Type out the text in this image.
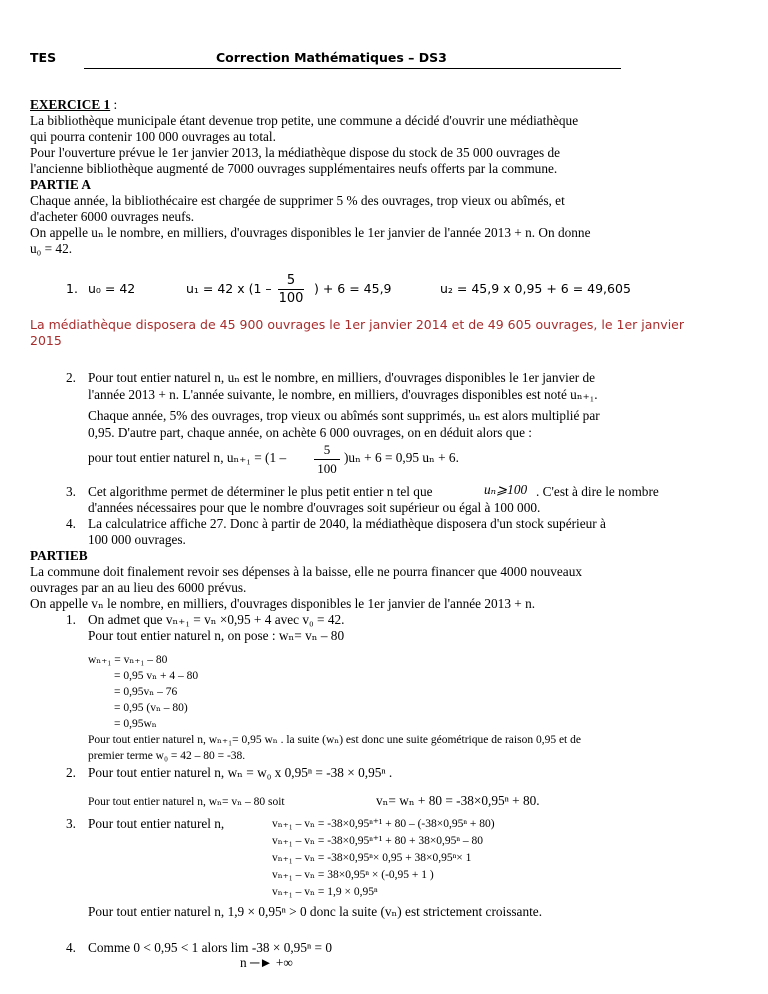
TES	Correction Mathématiques – DS3
EXERCICE 1 :
La bibliothèque municipale étant devenue trop petite, une commune a décidé d'ouvrir une médiathèque
qui pourra contenir 100 000 ouvrages au total.
Pour l'ouverture prévue le 1er janvier 2013, la médiathèque dispose du stock de 35 000 ouvrages de
l'ancienne bibliothèque augmenté de 7000 ouvrages supplémentaires neufs offerts par la commune.
PARTIE A
Chaque année, la bibliothécaire est chargée de supprimer 5 % des ouvrages, trop vieux ou abîmés, et
d'acheter 6000 ouvrages neufs.
On appelle uₙ le nombre, en milliers, d'ouvrages disponibles le 1er janvier de l'année 2013 + n. On donne
u₀ = 42.
1. u₀ = 42	u₁ = 42 x (1 –
5
100
) + 6 = 45,9	u₂ = 45,9 x 0,95 + 6 = 49,605
La médiathèque disposera de 45 900 ouvrages le 1er janvier 2014 et de 49 605 ouvrages, le 1er janvier
2015
2. Pour tout entier naturel n, uₙ est le nombre, en milliers, d'ouvrages disponibles le 1er janvier de
l'année 2013 + n. L'année suivante, le nombre, en milliers, d'ouvrages disponibles est noté uₙ₊₁.
Chaque année, 5% des ouvrages, trop vieux ou abîmés sont supprimés, uₙ est alors multiplié par
0,95. D'autre part, chaque année, on achète 6 000 ouvrages, on en déduit alors que :
pour tout entier naturel n, uₙ₊₁ = (1 –
5
100
)uₙ + 6 = 0,95 uₙ + 6.
3. Cet algorithme permet de déterminer le plus petit entier n tel que	uₙ⩾100 . C'est à dire le nombre
d'années nécessaires pour que le nombre d'ouvrages soit supérieur ou égal à 100 000.
4. La calculatrice affiche 27. Donc à partir de 2040, la médiathèque disposera d'un stock supérieur à
100 000 ouvrages.
PARTIEB
La commune doit finalement revoir ses dépenses à la baisse, elle ne pourra financer que 4000 nouveaux
ouvrages par an au lieu des 6000 prévus.
On appelle vₙ le nombre, en milliers, d'ouvrages disponibles le 1er janvier de l'année 2013 + n.
1. On admet que vₙ₊₁ = vₙ ×0,95 + 4 avec v₀ = 42.
Pour tout entier naturel n, on pose : wₙ= vₙ – 80
wₙ₊₁ = vₙ₊₁ – 80
= 0,95 vₙ + 4 – 80
= 0,95vₙ – 76
= 0,95 (vₙ – 80)
= 0,95wₙ
Pour tout entier naturel n, wₙ₊₁= 0,95 wₙ . la suite (wₙ) est donc une suite géométrique de raison 0,95 et de
premier terme w₀ = 42 – 80 = -38.
2. Pour tout entier naturel n, wₙ = w₀ x 0,95ⁿ = -38 × 0,95ⁿ .
Pour tout entier naturel n, wₙ= vₙ – 80 soit	vₙ= wₙ + 80 = -38×0,95ⁿ + 80.
3. Pour tout entier naturel n,	vₙ₊₁ – vₙ = -38×0,95ⁿ⁺¹ + 80 – (-38×0,95ⁿ + 80)
vₙ₊₁ – vₙ = -38×0,95ⁿ⁺¹ + 80 + 38×0,95ⁿ – 80
vₙ₊₁ – vₙ = -38×0,95ⁿ× 0,95 + 38×0,95ⁿ× 1
vₙ₊₁ – vₙ = 38×0,95ⁿ × (-0,95 + 1 )
vₙ₊₁ – vₙ = 1,9 × 0,95ⁿ
Pour tout entier naturel n, 1,9 × 0,95ⁿ > 0 donc la suite (vₙ) est strictement croissante.
4. Comme 0 < 0,95 < 1 alors lim -38 × 0,95ⁿ = 0
n ─► +∞
